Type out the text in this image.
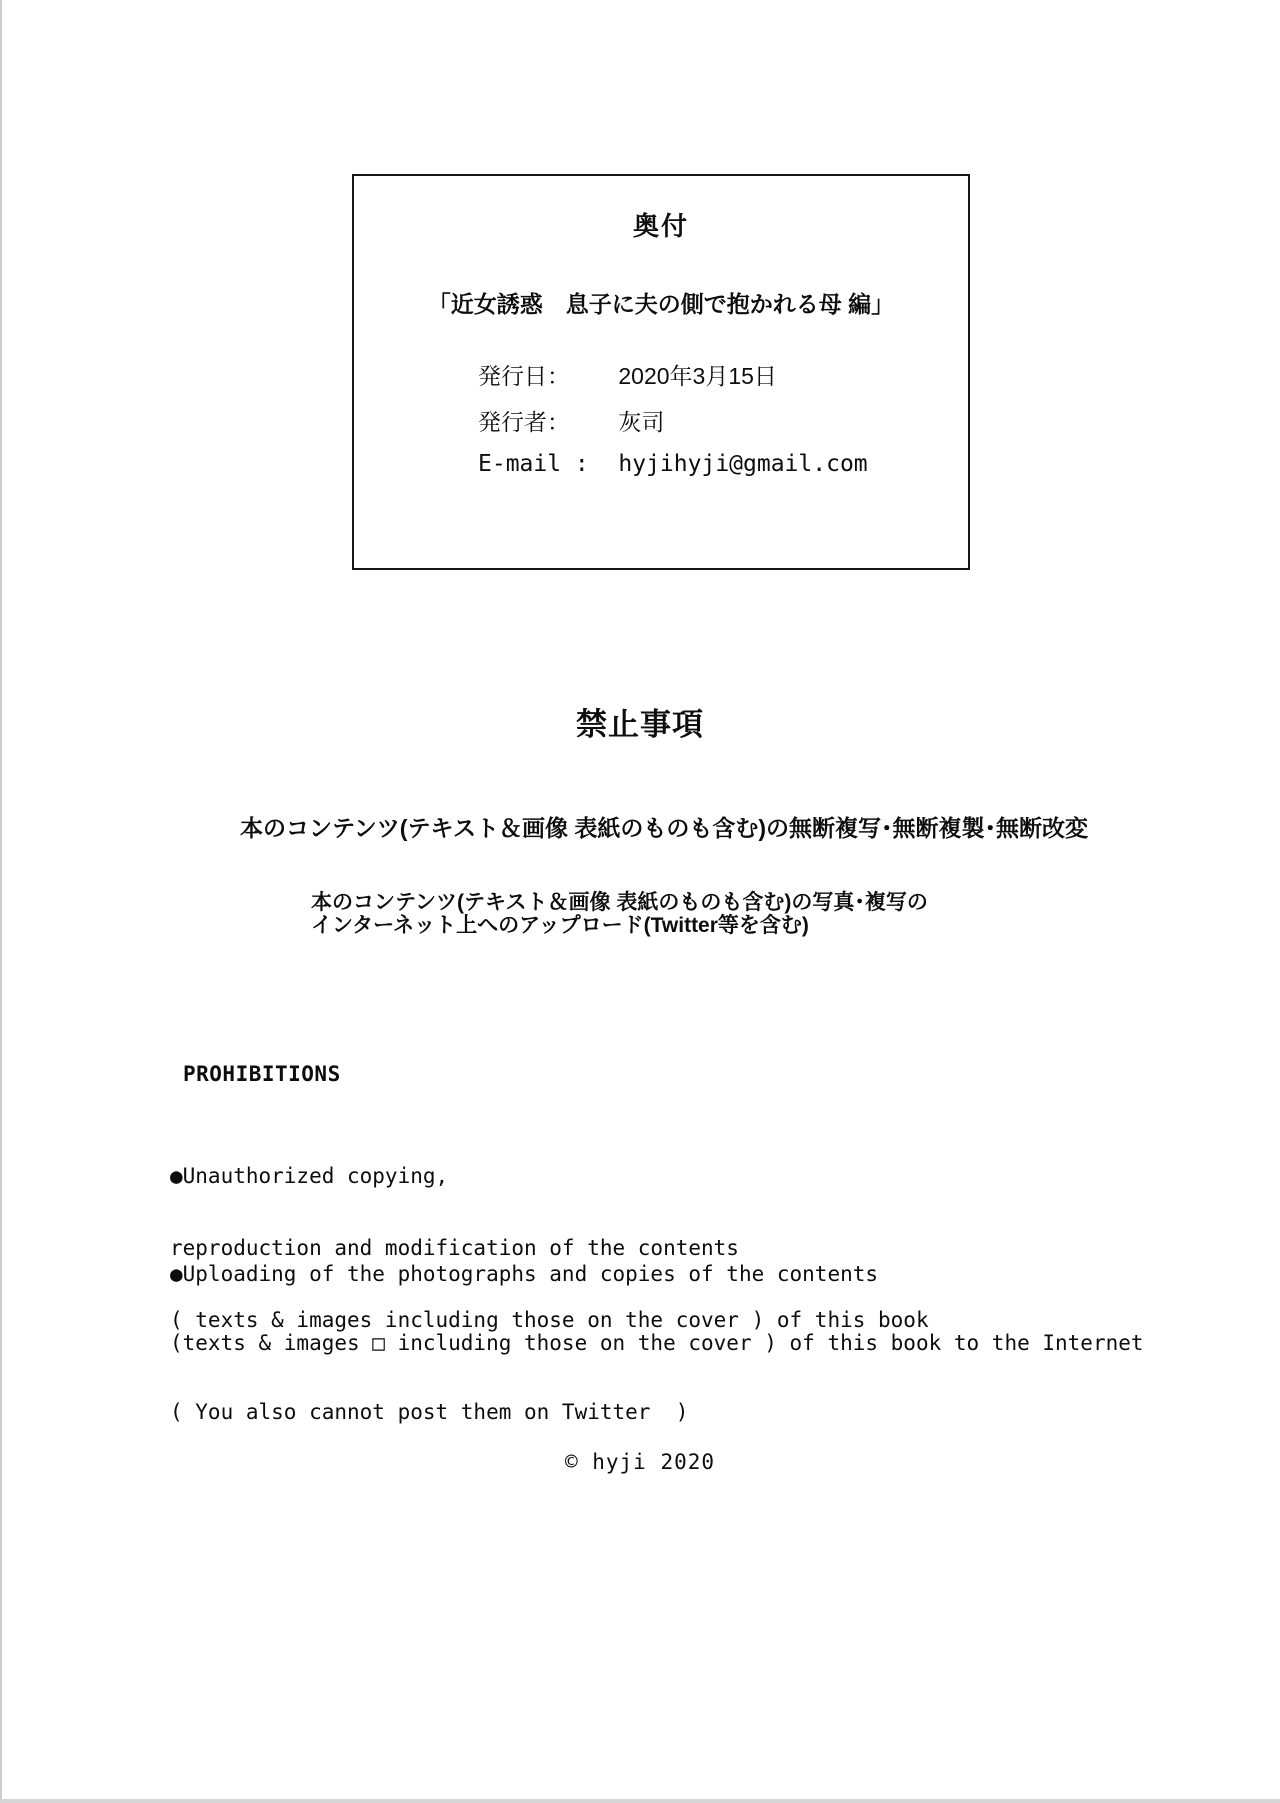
奥付
「近女誘惑　息子に夫の側で抱かれる母 編」
発行日： 2020年3月15日
発行者： 灰司
E-mail : hyjihyji@gmail.com
禁止事項
本のコンテンツ(テキスト＆画像 表紙のものも含む)の無断複写･無断複製･無断改変
本のコンテンツ(テキスト＆画像 表紙のものも含む)の写真･複写の
インターネット上へのアップロード(Twitter等を含む)
PROHIBITIONS

●Unauthorized copying,

reproduction and modification of the contents

( texts & images including those on the cover ) of this book

●Uploading of the photographs and copies of the contents

(texts & images □ including those on the cover ) of this book to the Internet

( You also cannot post them on Twitter  )

© hyji 2020
